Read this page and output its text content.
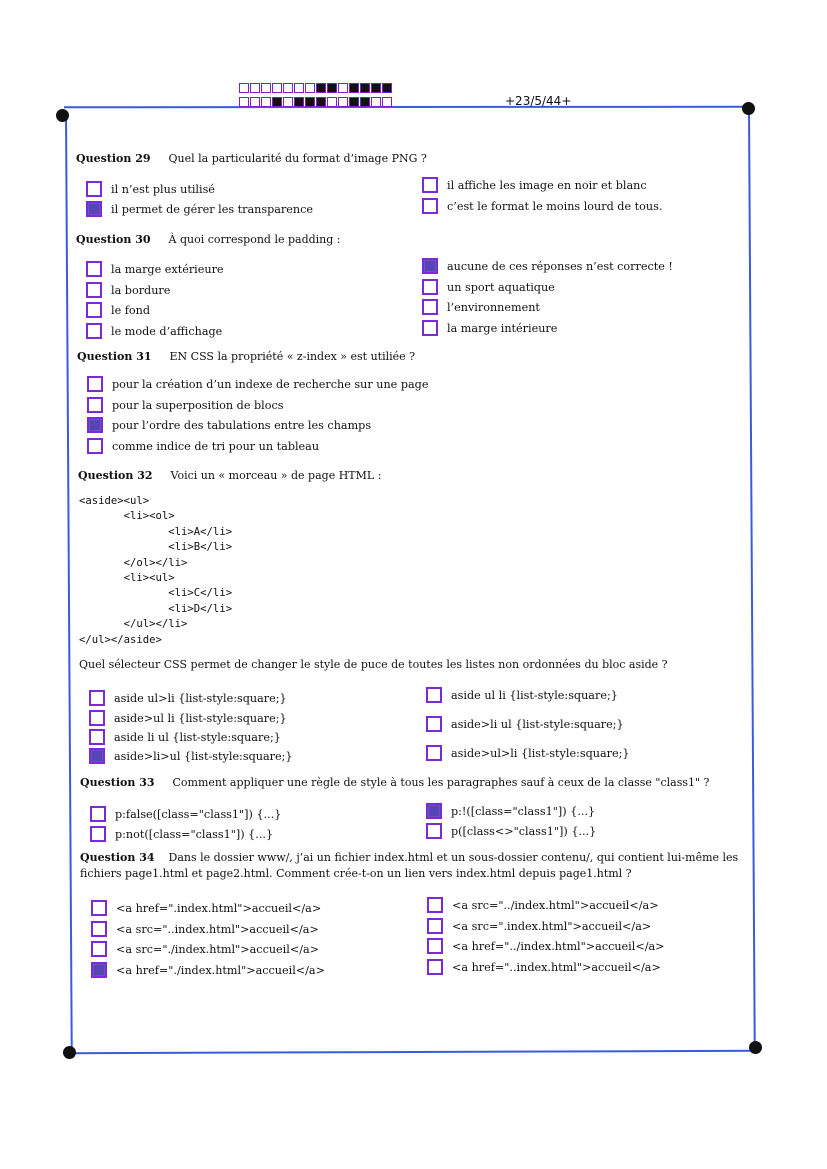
+23/5/44+
Question 29 Quel la particularité du format d’image PNG ?
il n’est plus utilisé
il permet de gérer les transparence
il affiche les image en noir et blanc
c’est le format le moins lourd de tous.
Question 30 À quoi correspond le padding :
la marge extérieure
la bordure
le fond
le mode d’affichage
aucune de ces réponses n’est correcte !
un sport aquatique
l’environnement
la marge intérieure
Question 31 EN CSS la propriété « z-index » est utiliée ?
pour la création d’un indexe de recherche sur une page
pour la superposition de blocs
pour l’ordre des tabulations entre les champs
comme indice de tri pour un tableau
Question 32 Voici un « morceau » de page HTML :
<aside><ul>
<li><ol>
<li>A</li>
<li>B</li>
</ol></li>
<li><ul>
<li>C</li>
<li>D</li>
</ul></li>
</ul></aside>
Quel sélecteur CSS permet de changer le style de puce de toutes les listes non ordonnées du bloc aside ?
aside ul>li {list-style:square;}
aside>ul li {list-style:square;}
aside li ul {list-style:square;}
aside>li>ul {list-style:square;}
aside ul li {list-style:square;}
aside>li ul {list-style:square;}
aside>ul>li {list-style:square;}
Question 33 Comment appliquer une règle de style à tous les paragraphes sauf à ceux de la classe "class1" ?
p:false([class="class1"]) {...}
p:not([class="class1"]) {...}
p:!([class="class1"]) {...}
p([class<>"class1"]) {...}
Question 34 Dans le dossier www/, j’ai un fichier index.html et un sous-dossier contenu/, qui contient lui-même les fichiers page1.html et page2.html. Comment crée-t-on un lien vers index.html depuis page1.html ?
<a href=".index.html">accueil</a>
<a src="..index.html">accueil</a>
<a src="./index.html">accueil</a>
<a href="./index.html">accueil</a>
<a src="../index.html">accueil</a>
<a src=".index.html">accueil</a>
<a href="../index.html">accueil</a>
<a href="..index.html">accueil</a>
